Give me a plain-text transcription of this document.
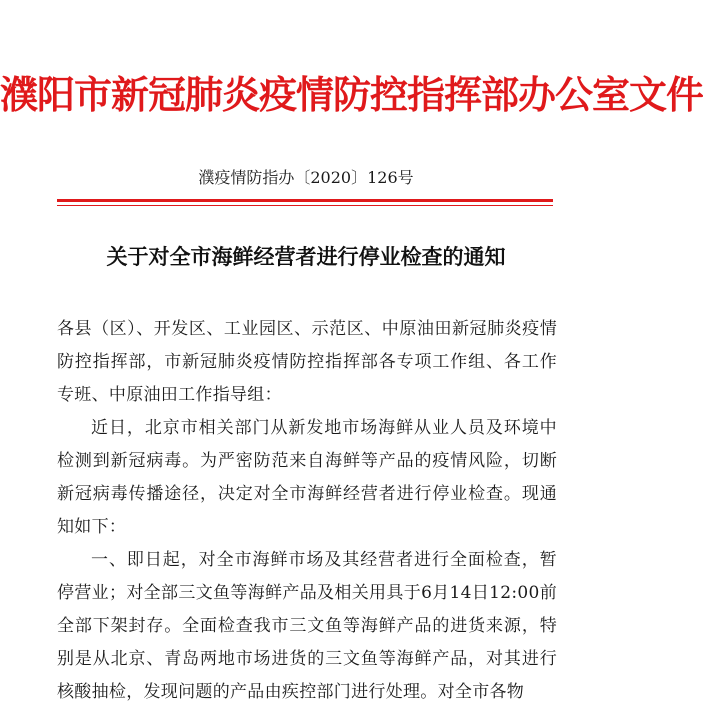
濮阳市新冠肺炎疫情防控指挥部办公室文件
濮疫情防指办〔2020〕126号
关于对全市海鲜经营者进行停业检查的通知

各县（区）、开发区、工业园区、示范区、中原油田新冠肺炎疫情防控指挥部，市新冠肺炎疫情防控指挥部各专项工作组、各工作专班、中原油田工作指导组：

近日，北京市相关部门从新发地市场海鲜从业人员及环境中检测到新冠病毒。为严密防范来自海鲜等产品的疫情风险，切断新冠病毒传播途径，决定对全市海鲜经营者进行停业检查。现通知如下：

一、即日起，对全市海鲜市场及其经营者进行全面检查，暂停营业；对全部三文鱼等海鲜产品及相关用具于6月14日12:00前全部下架封存。全面检查我市三文鱼等海鲜产品的进货来源，特别是从北京、青岛两地市场进货的三文鱼等海鲜产品，对其进行核酸抽检，发现问题的产品由疾控部门进行处理。对全市各物
